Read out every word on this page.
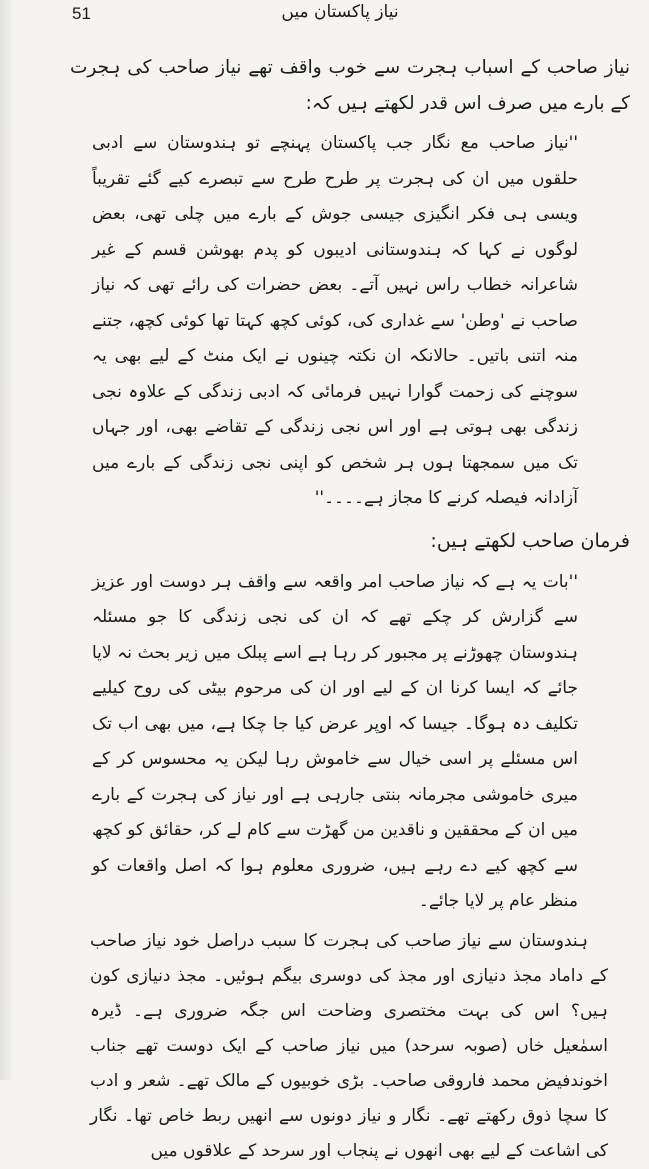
51	نیاز پاکستان میں

نیاز صاحب کے اسباب ہجرت سے خوب واقف تھے نیاز صاحب کی ہجرت کے بارے میں صرف اس قدر لکھتے ہیں کہ:

''نیاز صاحب مع نگار جب پاکستان پہنچے تو ہندوستان سے ادبی حلقوں میں ان کی ہجرت پر طرح طرح سے تبصرے کیے گئے تقریباً ویسی ہی فکر انگیزی جیسی جوش کے بارے میں چلی تھی، بعض لوگوں نے کہا کہ ہندوستانی ادیبوں کو پدم بھوشن قسم کے غیر شاعرانہ خطاب راس نہیں آتے۔ بعض حضرات کی رائے تھی کہ نیاز صاحب نے 'وطن' سے غداری کی، کوئی کچھ کہتا تھا کوئی کچھ، جتنے منہ اتنی باتیں۔ حالانکہ ان نکتہ چینوں نے ایک منٹ کے لیے بھی یہ سوچنے کی زحمت گوارا نہیں فرمائی کہ ادبی زندگی کے علاوہ نجی زندگی بھی ہوتی ہے اور اس نجی زندگی کے تقاضے بھی، اور جہاں تک میں سمجھتا ہوں ہر شخص کو اپنی نجی زندگی کے بارے میں آزادانہ فیصلہ کرنے کا مجاز ہے۔۔۔۔''

فرمان صاحب لکھتے ہیں:

''بات یہ ہے کہ نیاز صاحب امر واقعہ سے واقف ہر دوست اور عزیز سے گزارش کر چکے تھے کہ ان کی نجی زندگی کا جو مسئلہ ہندوستان چھوڑنے پر مجبور کر رہا ہے اسے پبلک میں زیر بحث نہ لایا جائے کہ ایسا کرنا ان کے لیے اور ان کی مرحوم بیٹی کی روح کیلیے تکلیف دہ ہوگا۔ جیسا کہ اوپر عرض کیا جا چکا ہے، میں بھی اب تک اس مسئلے پر اسی خیال سے خاموش رہا لیکن یہ محسوس کر کے میری خاموشی مجرمانہ بنتی جارہی ہے اور نیاز کی ہجرت کے بارے میں ان کے محققین و ناقدین من گھڑت سے کام لے کر، حقائق کو کچھ سے کچھ کیے دے رہے ہیں، ضروری معلوم ہوا کہ اصل واقعات کو منظر عام پر لایا جائے۔

ہندوستان سے نیاز صاحب کی ہجرت کا سبب دراصل خود نیاز صاحب کے داماد مجذ دنیازی اور مجذ کی دوسری بیگم ہوئیں۔ مجذ دنیازی کون ہیں؟ اس کی بہت مختصری وضاحت اس جگہ ضروری ہے۔ ڈیرہ اسمٰعیل خاں (صوبہ سرحد) میں نیاز صاحب کے ایک دوست تھے جناب اخوندفیض محمد فاروقی صاحب۔ بڑی خوبیوں کے مالک تھے۔ شعر و ادب کا سچا ذوق رکھتے تھے۔ نگار و نیاز دونوں سے انھیں ربط خاص تھا۔ نگار کی اشاعت کے لیے بھی انھوں نے پنجاب اور سرحد کے علاقوں میں
